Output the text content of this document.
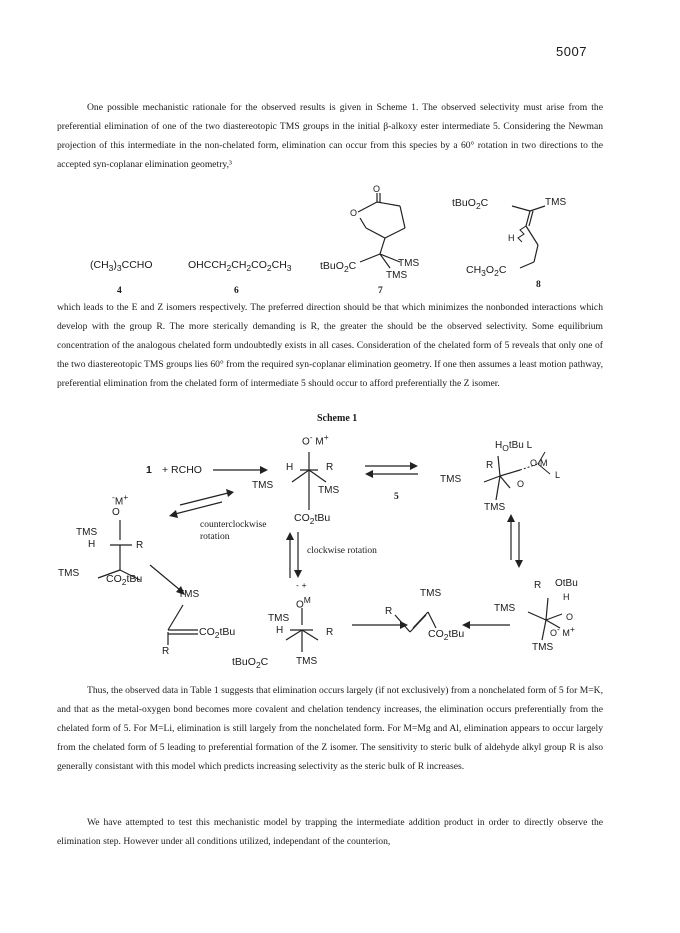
5007

One possible mechanistic rationale for the observed results is given in Scheme 1. The observed selectivity must arise from the preferential elimination of one of the two diastereotopic TMS groups in the initial β-alkoxy ester intermediate 5. Considering the Newman projection of this intermediate in the non-chelated form, elimination can occur from this species by a 60° rotation in two directions to the accepted syn-coplanar elimination geometry,³

$(CH_3)_3CCHO$
4
$OHCCH_2CH_2CO_2CH_3$
6
O
O
tBuO$_2$C	TMS
TMS
7
tBuO$_2$C	TMS
H
$CH_3O_2C$
8

which leads to the E and Z isomers respectively. The preferred direction should be that which minimizes the nonbonded interactions which develop with the group R. The more sterically demanding is R, the greater the should be the observed selectivity. Some equilibrium concentration of the analogous chelated form undoubtedly exists in all cases. Consideration of the chelated form of 5 reveals that only one of the two diastereotopic TMS groups lies 60° from the required syn-coplanar elimination geometry. If one then assumes a least motion pathway, preferential elimination from the chelated form of intermediate 5 should occur to afford preferentially the Z isomer.

Scheme 1
1 + RCHO
O- M+
H	R
TMS	TMS
$CO_2tBu$
5
counterclockwise rotation
clockwise rotation
-M+
O
TMS
H	R
TMS	$CO_2tBu$
TMS
$CO_2tBu$
R
- +
$O^M$
TMS
H	R
tBuO$_2$C	TMS
TMS
R
$CO_2tBu$
$H_OtBu$ L
R	O-M
L
O
TMS
TMS
OtBu
R
H
TMS
O
O- M+
TMS

Thus, the observed data in Table 1 suggests that elimination occurs largely (if not exclusively) from a nonchelated form of 5 for M=K, and that as the metal-oxygen bond becomes more covalent and chelation tendency increases, the elimination occurs preferentially from the chelated form of 5. For M=Li, elimination is still largely from the nonchelated form. For M=Mg and Al, elimination appears to occur largely from the chelated form of 5 leading to preferential formation of the Z isomer. The sensitivity to steric bulk of aldehyde alkyl group R is also generally consistant with this model which predicts increasing selectivity as the steric bulk of R increases.

We have attempted to test this mechanistic model by trapping the intermediate addition product in order to directly observe the elimination step. However under all conditions utilized, independant of the counterion,
